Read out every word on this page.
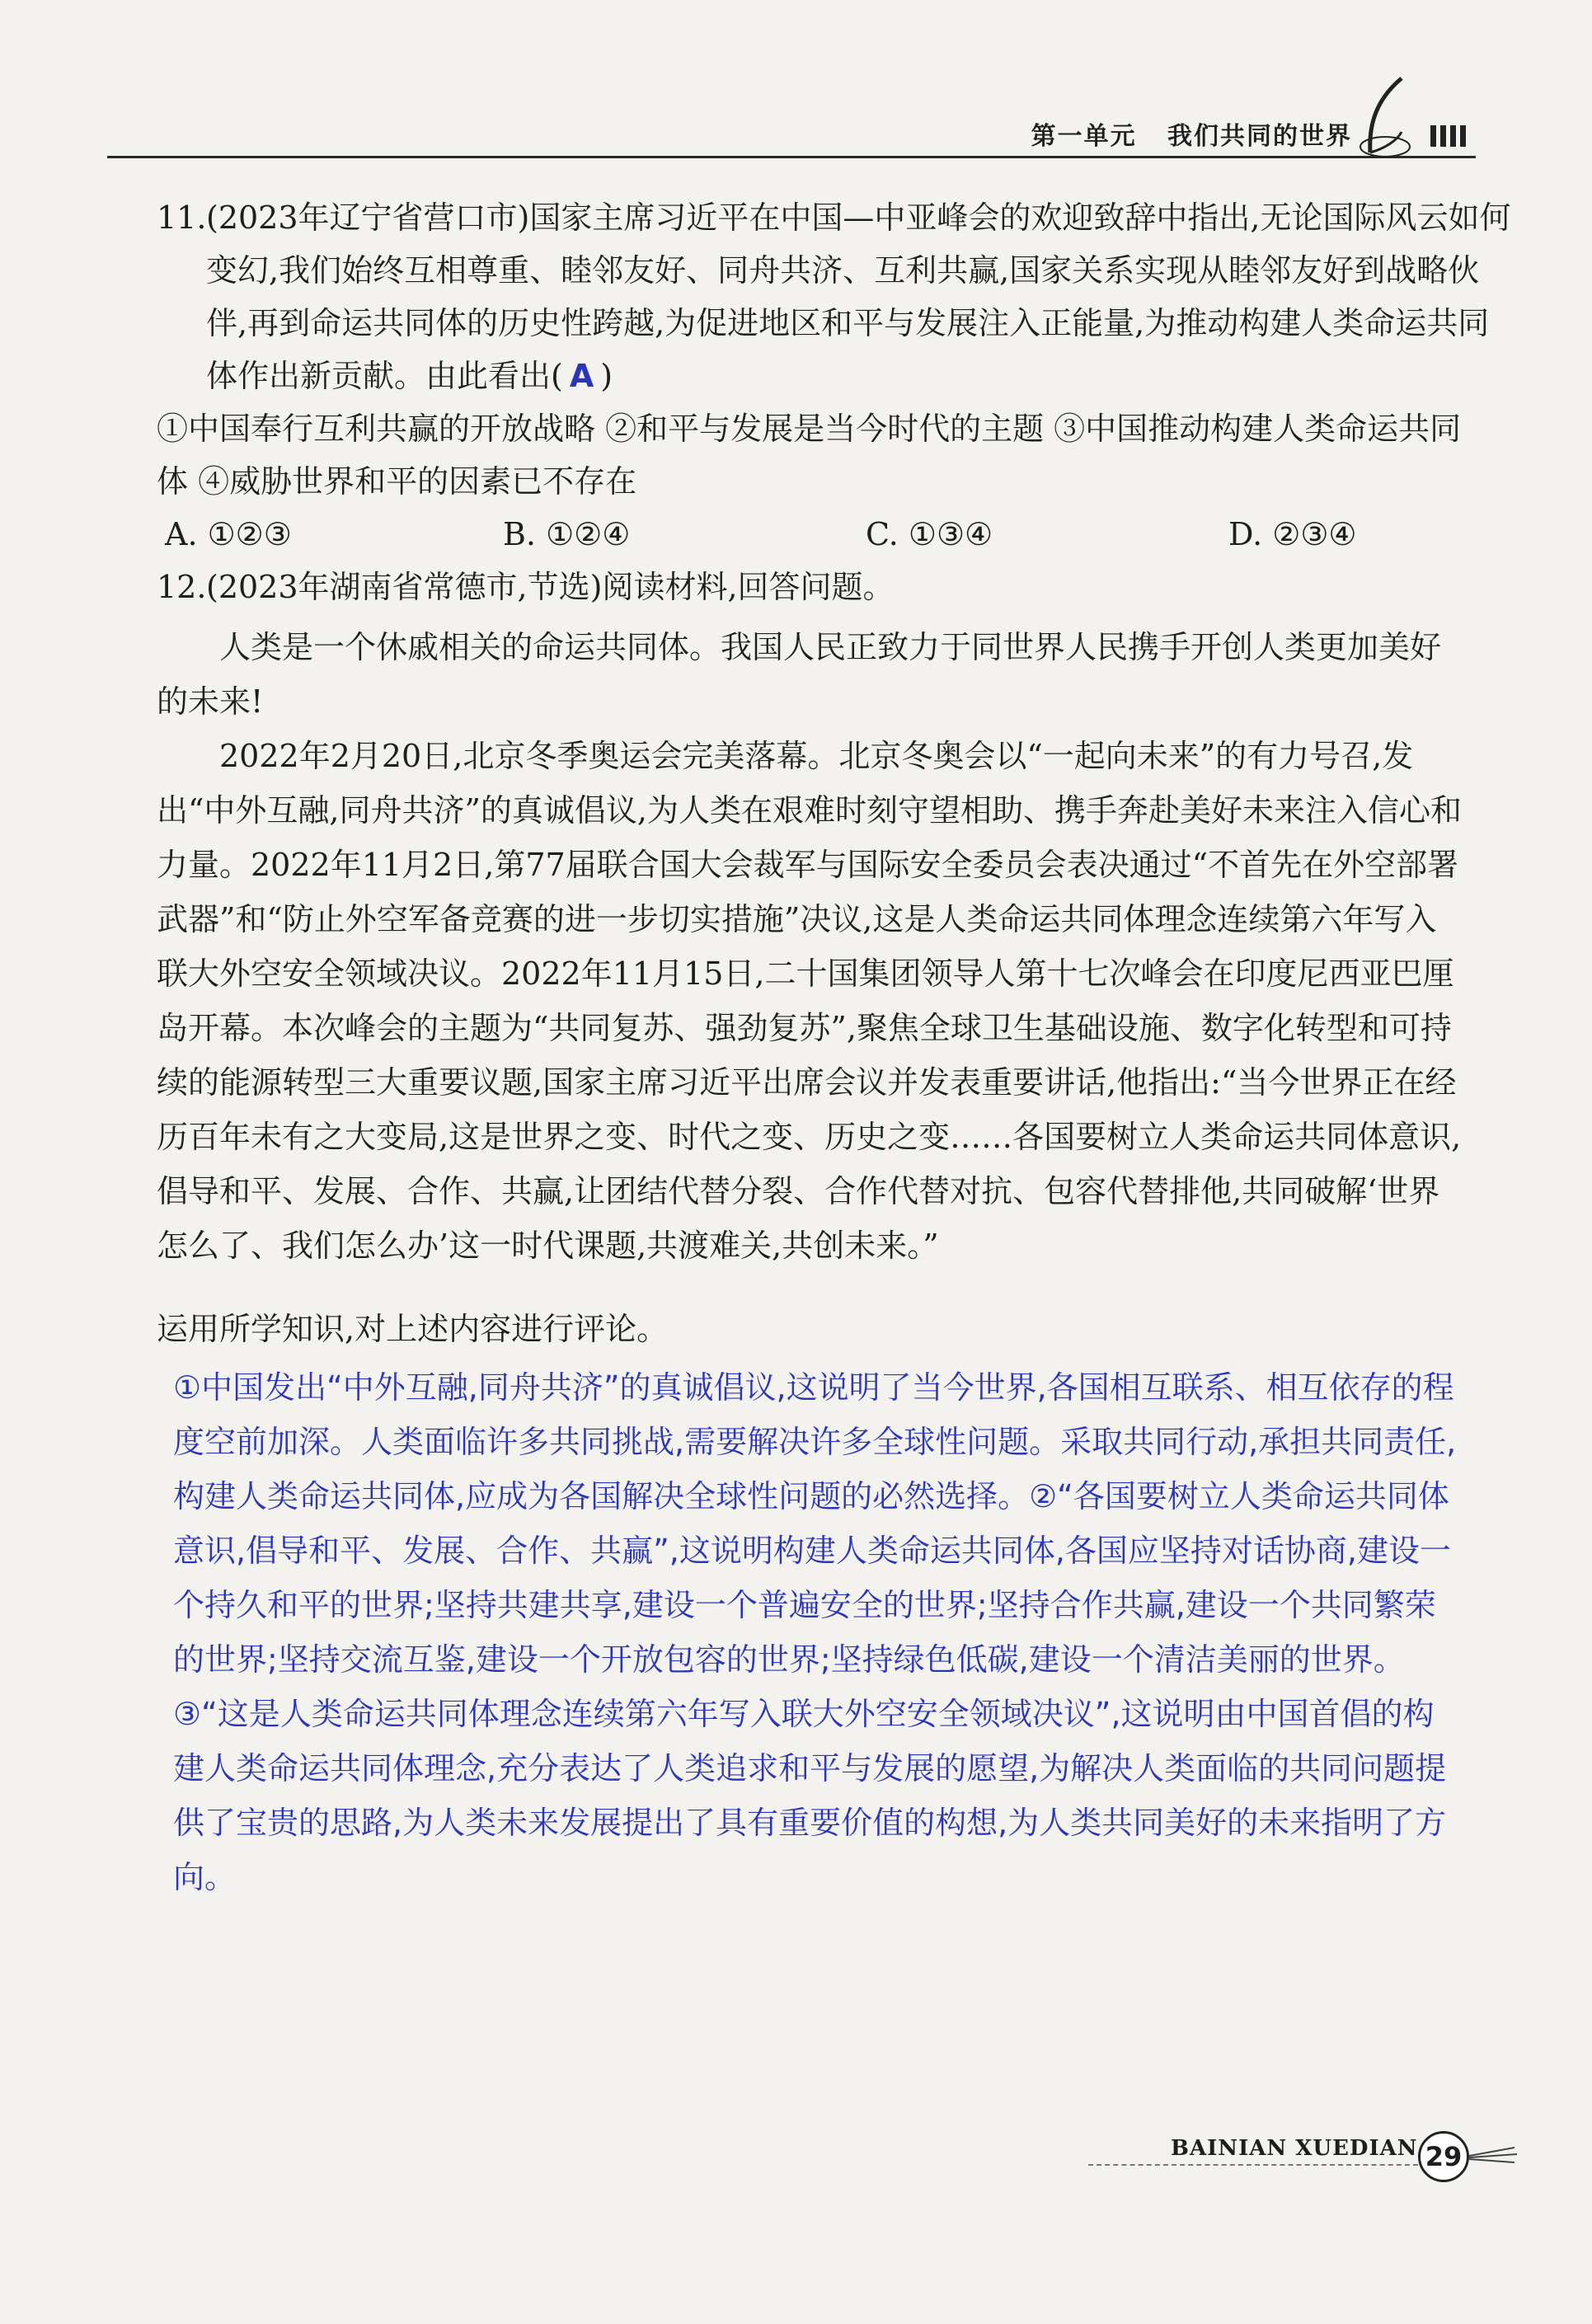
第一单元 我们共同的世界
11.(2023年辽宁省营口市)国家主席习近平在中国—中亚峰会的欢迎致辞中指出,无论国际风云如何变幻,我们始终互相尊重、睦邻友好、同舟共济、互利共赢,国家关系实现从睦邻友好到战略伙伴,再到命运共同体的历史性跨越,为促进地区和平与发展注入正能量,为推动构建人类命运共同体作出新贡献。由此看出( A )
①中国奉行互利共赢的开放战略 ②和平与发展是当今时代的主题 ③中国推动构建人类命运共同体 ④威胁世界和平的因素已不存在
A. ①②③	B. ①②④	C. ①③④	D. ②③④
12.(2023年湖南省常德市,节选)阅读材料,回答问题。

人类是一个休戚相关的命运共同体。我国人民正致力于同世界人民携手开创人类更加美好的未来!

2022年2月20日,北京冬季奥运会完美落幕。北京冬奥会以“一起向未来”的有力号召,发出“中外互融,同舟共济”的真诚倡议,为人类在艰难时刻守望相助、携手奔赴美好未来注入信心和力量。2022年11月2日,第77届联合国大会裁军与国际安全委员会表决通过“不首先在外空部署武器”和“防止外空军备竞赛的进一步切实措施”决议,这是人类命运共同体理念连续第六年写入联大外空安全领域决议。2022年11月15日,二十国集团领导人第十七次峰会在印度尼西亚巴厘岛开幕。本次峰会的主题为“共同复苏、强劲复苏”,聚焦全球卫生基础设施、数字化转型和可持续的能源转型三大重要议题,国家主席习近平出席会议并发表重要讲话,他指出:“当今世界正在经历百年未有之大变局,这是世界之变、时代之变、历史之变……各国要树立人类命运共同体意识,倡导和平、发展、合作、共赢,让团结代替分裂、合作代替对抗、包容代替排他,共同破解‘世界怎么了、我们怎么办’这一时代课题,共渡难关,共创未来。”

运用所学知识,对上述内容进行评论。
①中国发出“中外互融,同舟共济”的真诚倡议,这说明了当今世界,各国相互联系、相互依存的程度空前加深。人类面临许多共同挑战,需要解决许多全球性问题。采取共同行动,承担共同责任,构建人类命运共同体,应成为各国解决全球性问题的必然选择。②“各国要树立人类命运共同体意识,倡导和平、发展、合作、共赢”,这说明构建人类命运共同体,各国应坚持对话协商,建设一个持久和平的世界;坚持共建共享,建设一个普遍安全的世界;坚持合作共赢,建设一个共同繁荣的世界;坚持交流互鉴,建设一个开放包容的世界;坚持绿色低碳,建设一个清洁美丽的世界。③“这是人类命运共同体理念连续第六年写入联大外空安全领域决议”,这说明由中国首倡的构建人类命运共同体理念,充分表达了人类追求和平与发展的愿望,为解决人类面临的共同问题提供了宝贵的思路,为人类未来发展提出了具有重要价值的构想,为人类共同美好的未来指明了方向。
BAINIAN XUEDIAN 29
